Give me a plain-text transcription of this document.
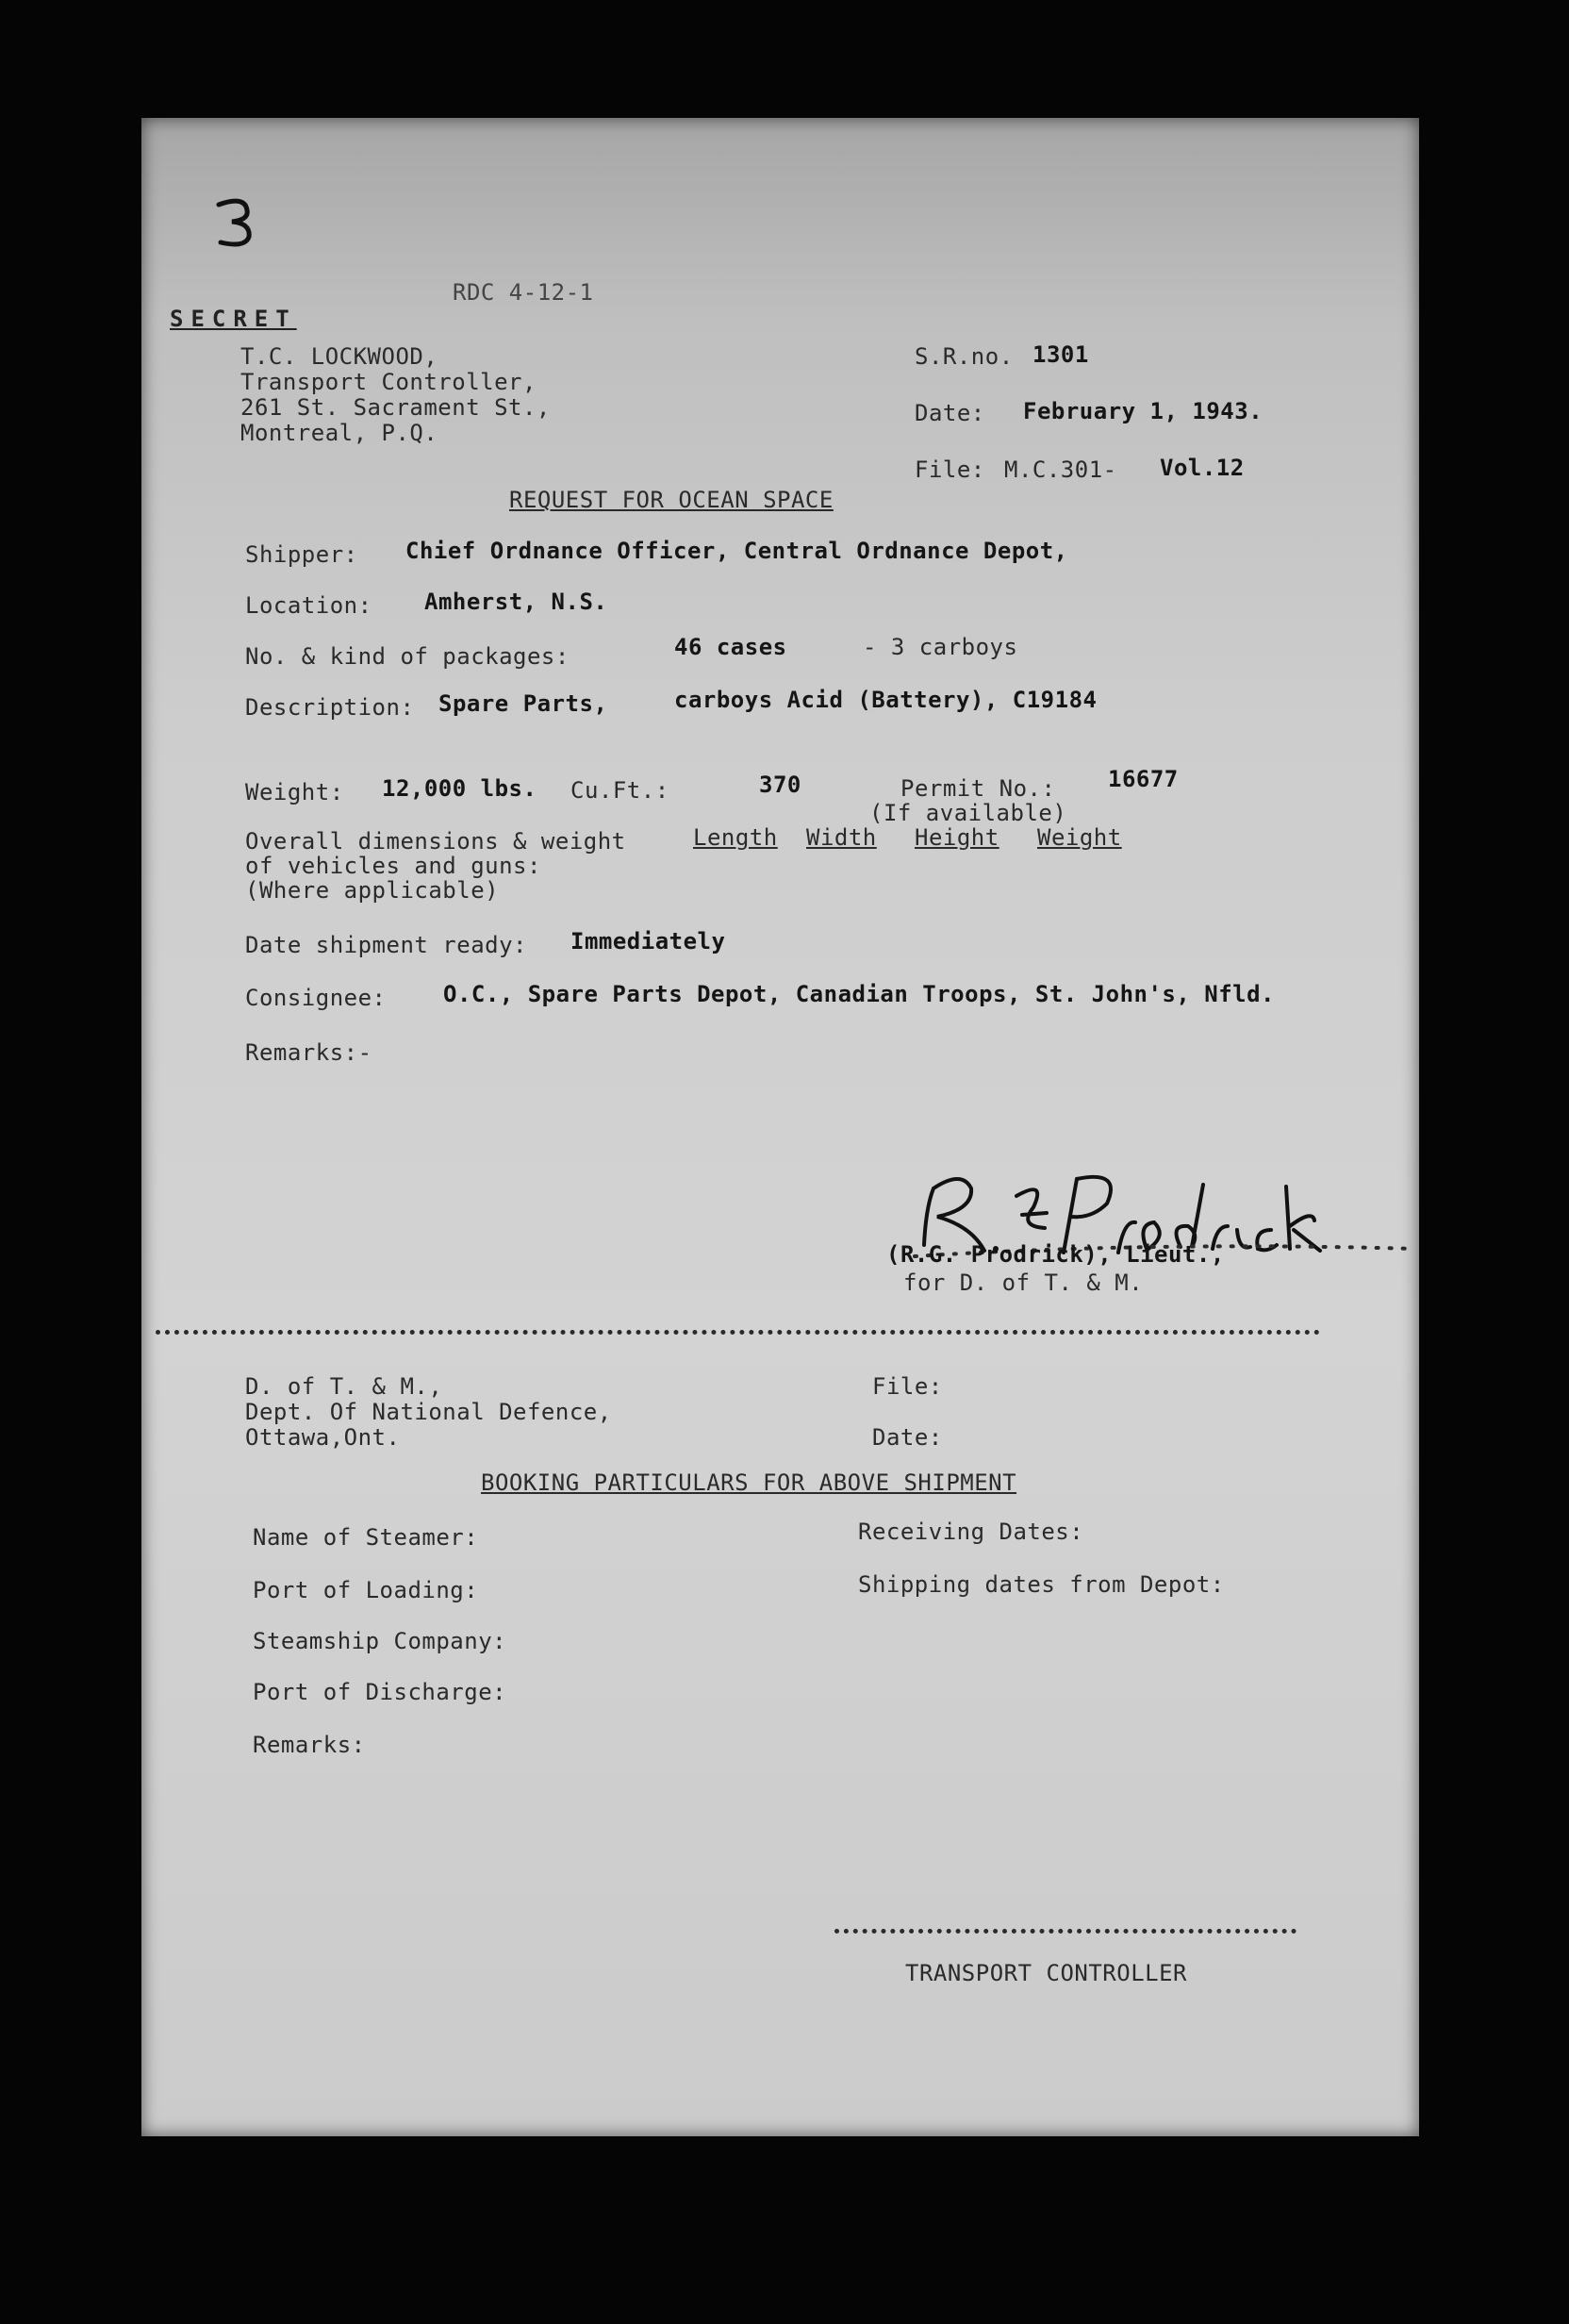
RDC 4-12-1
SECRET
T.C. LOCKWOOD,
Transport Controller,
261 St. Sacrament St.,
Montreal, P.Q.
S.R.no. 1301
Date: February 1, 1943.
File: M.C.301- Vol.12
REQUEST FOR OCEAN SPACE
Shipper: Chief Ordnance Officer, Central Ordnance Depot,
Location: Amherst, N.S.
No. & kind of packages:	46 cases	- 3 carboys
Description: Spare Parts,	carboys Acid (Battery), C19184
Weight: 12,000 lbs. Cu.Ft.:	370	Permit No.: 16677
(If available)
Overall dimensions & weight
of vehicles and guns:
(Where applicable)
Length Width Height Weight
Date shipment ready: Immediately
Consignee:	O.C., Spare Parts Depot, Canadian Troops, St. John's, Nfld.
Remarks:-
(R.G. Prodrick), Lieut.,
for D. of T. & M.
D. of T. & M.,
Dept. Of National Defence,
Ottawa,Ont.
File:
Date:
BOOKING PARTICULARS FOR ABOVE SHIPMENT
Name of Steamer:
Port of Loading:
Steamship Company:
Port of Discharge:
Remarks:
Receiving Dates:
Shipping dates from Depot:
TRANSPORT CONTROLLER
